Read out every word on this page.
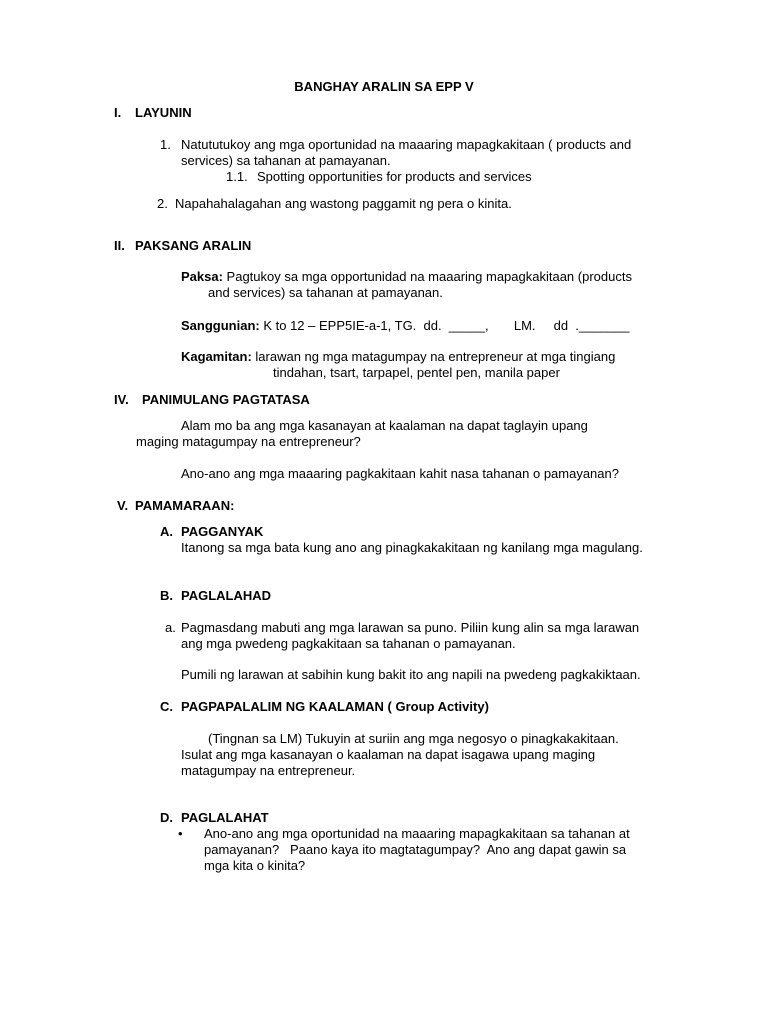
BANGHAY ARALIN SA EPP V
I. LAYUNIN
1. Natututukoy ang mga oportunidad na maaaring mapagkakitaan ( products and
services) sa tahanan at pamayanan.
1.1. Spotting opportunities for products and services
2. Napahahalagahan ang wastong paggamit ng pera o kinita.
II. PAKSANG ARALIN
Paksa: Pagtukoy sa mga opportunidad na maaaring mapagkakitaan (products
and services) sa tahanan at pamayanan.
Sanggunian: K to 12 – EPP5IE-a-1, TG.  dd.  _____,       LM.     dd  ._______
Kagamitan: larawan ng mga matagumpay na entrepreneur at mga tingiang
tindahan, tsart, tarpapel, pentel pen, manila paper
IV. PANIMULANG PAGTATASA
Alam mo ba ang mga kasanayan at kaalaman na dapat taglayin upang
maging matagumpay na entrepreneur?
Ano-ano ang mga maaaring pagkakitaan kahit nasa tahanan o pamayanan?
V. PAMAMARAAN:
A. PAGGANYAK
Itanong sa mga bata kung ano ang pinagkakakitaan ng kanilang mga magulang.
B. PAGLALAHAD
a. Pagmasdang mabuti ang mga larawan sa puno. Piliin kung alin sa mga larawan
ang mga pwedeng pagkakitaan sa tahanan o pamayanan.
Pumili ng larawan at sabihin kung bakit ito ang napili na pwedeng pagkakiktaan.
C. PAGPAPALALIM NG KAALAMAN ( Group Activity)
(Tingnan sa LM) Tukuyin at suriin ang mga negosyo o pinagkakakitaan.
Isulat ang mga kasanayan o kaalaman na dapat isagawa upang maging
matagumpay na entrepreneur.
D. PAGLALAHAT
• Ano-ano ang mga oportunidad na maaaring mapagkakitaan sa tahanan at
pamayanan?   Paano kaya ito magtatagumpay?  Ano ang dapat gawin sa
mga kita o kinita?
